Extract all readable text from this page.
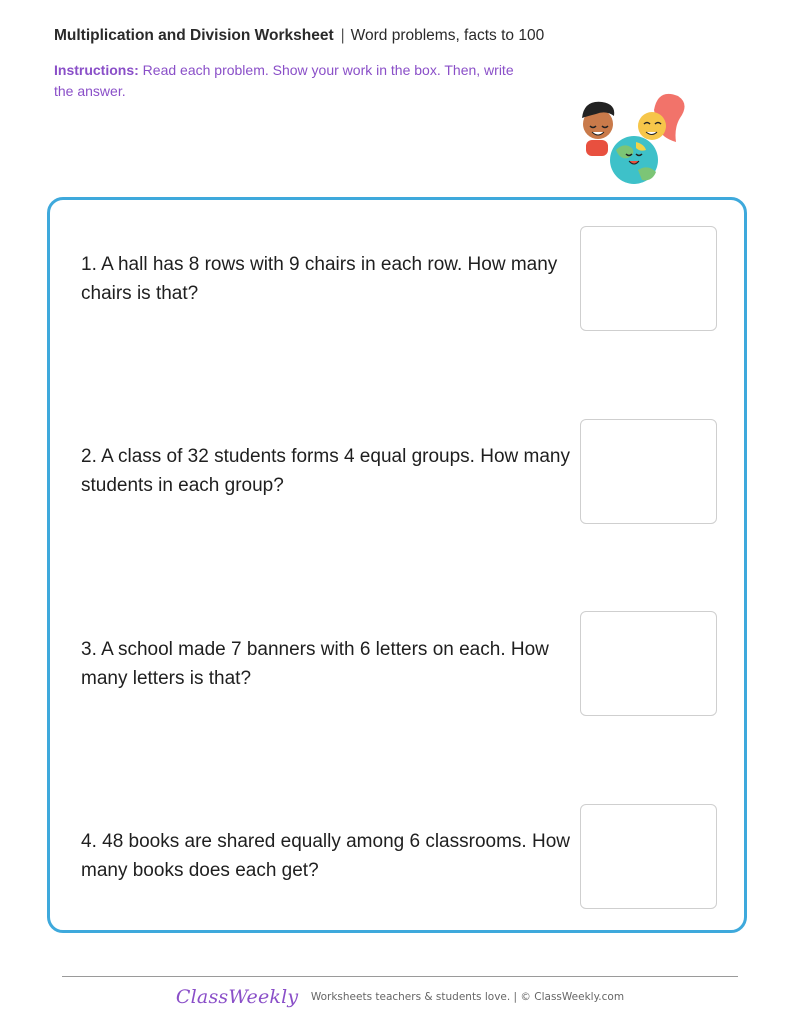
Multiplication and Division Worksheet | Word problems, facts to 100
Instructions: Read each problem. Show your work in the box. Then, write the answer.
1. A hall has 8 rows with 9 chairs in each row. How many chairs is that?
2. A class of 32 students forms 4 equal groups. How many students in each group?
3. A school made 7 banners with 6 letters on each. How many letters is that?
4. 48 books are shared equally among 6 classrooms. How many books does each get?
ClassWeekly Worksheets teachers & students love. | © ClassWeekly.com
